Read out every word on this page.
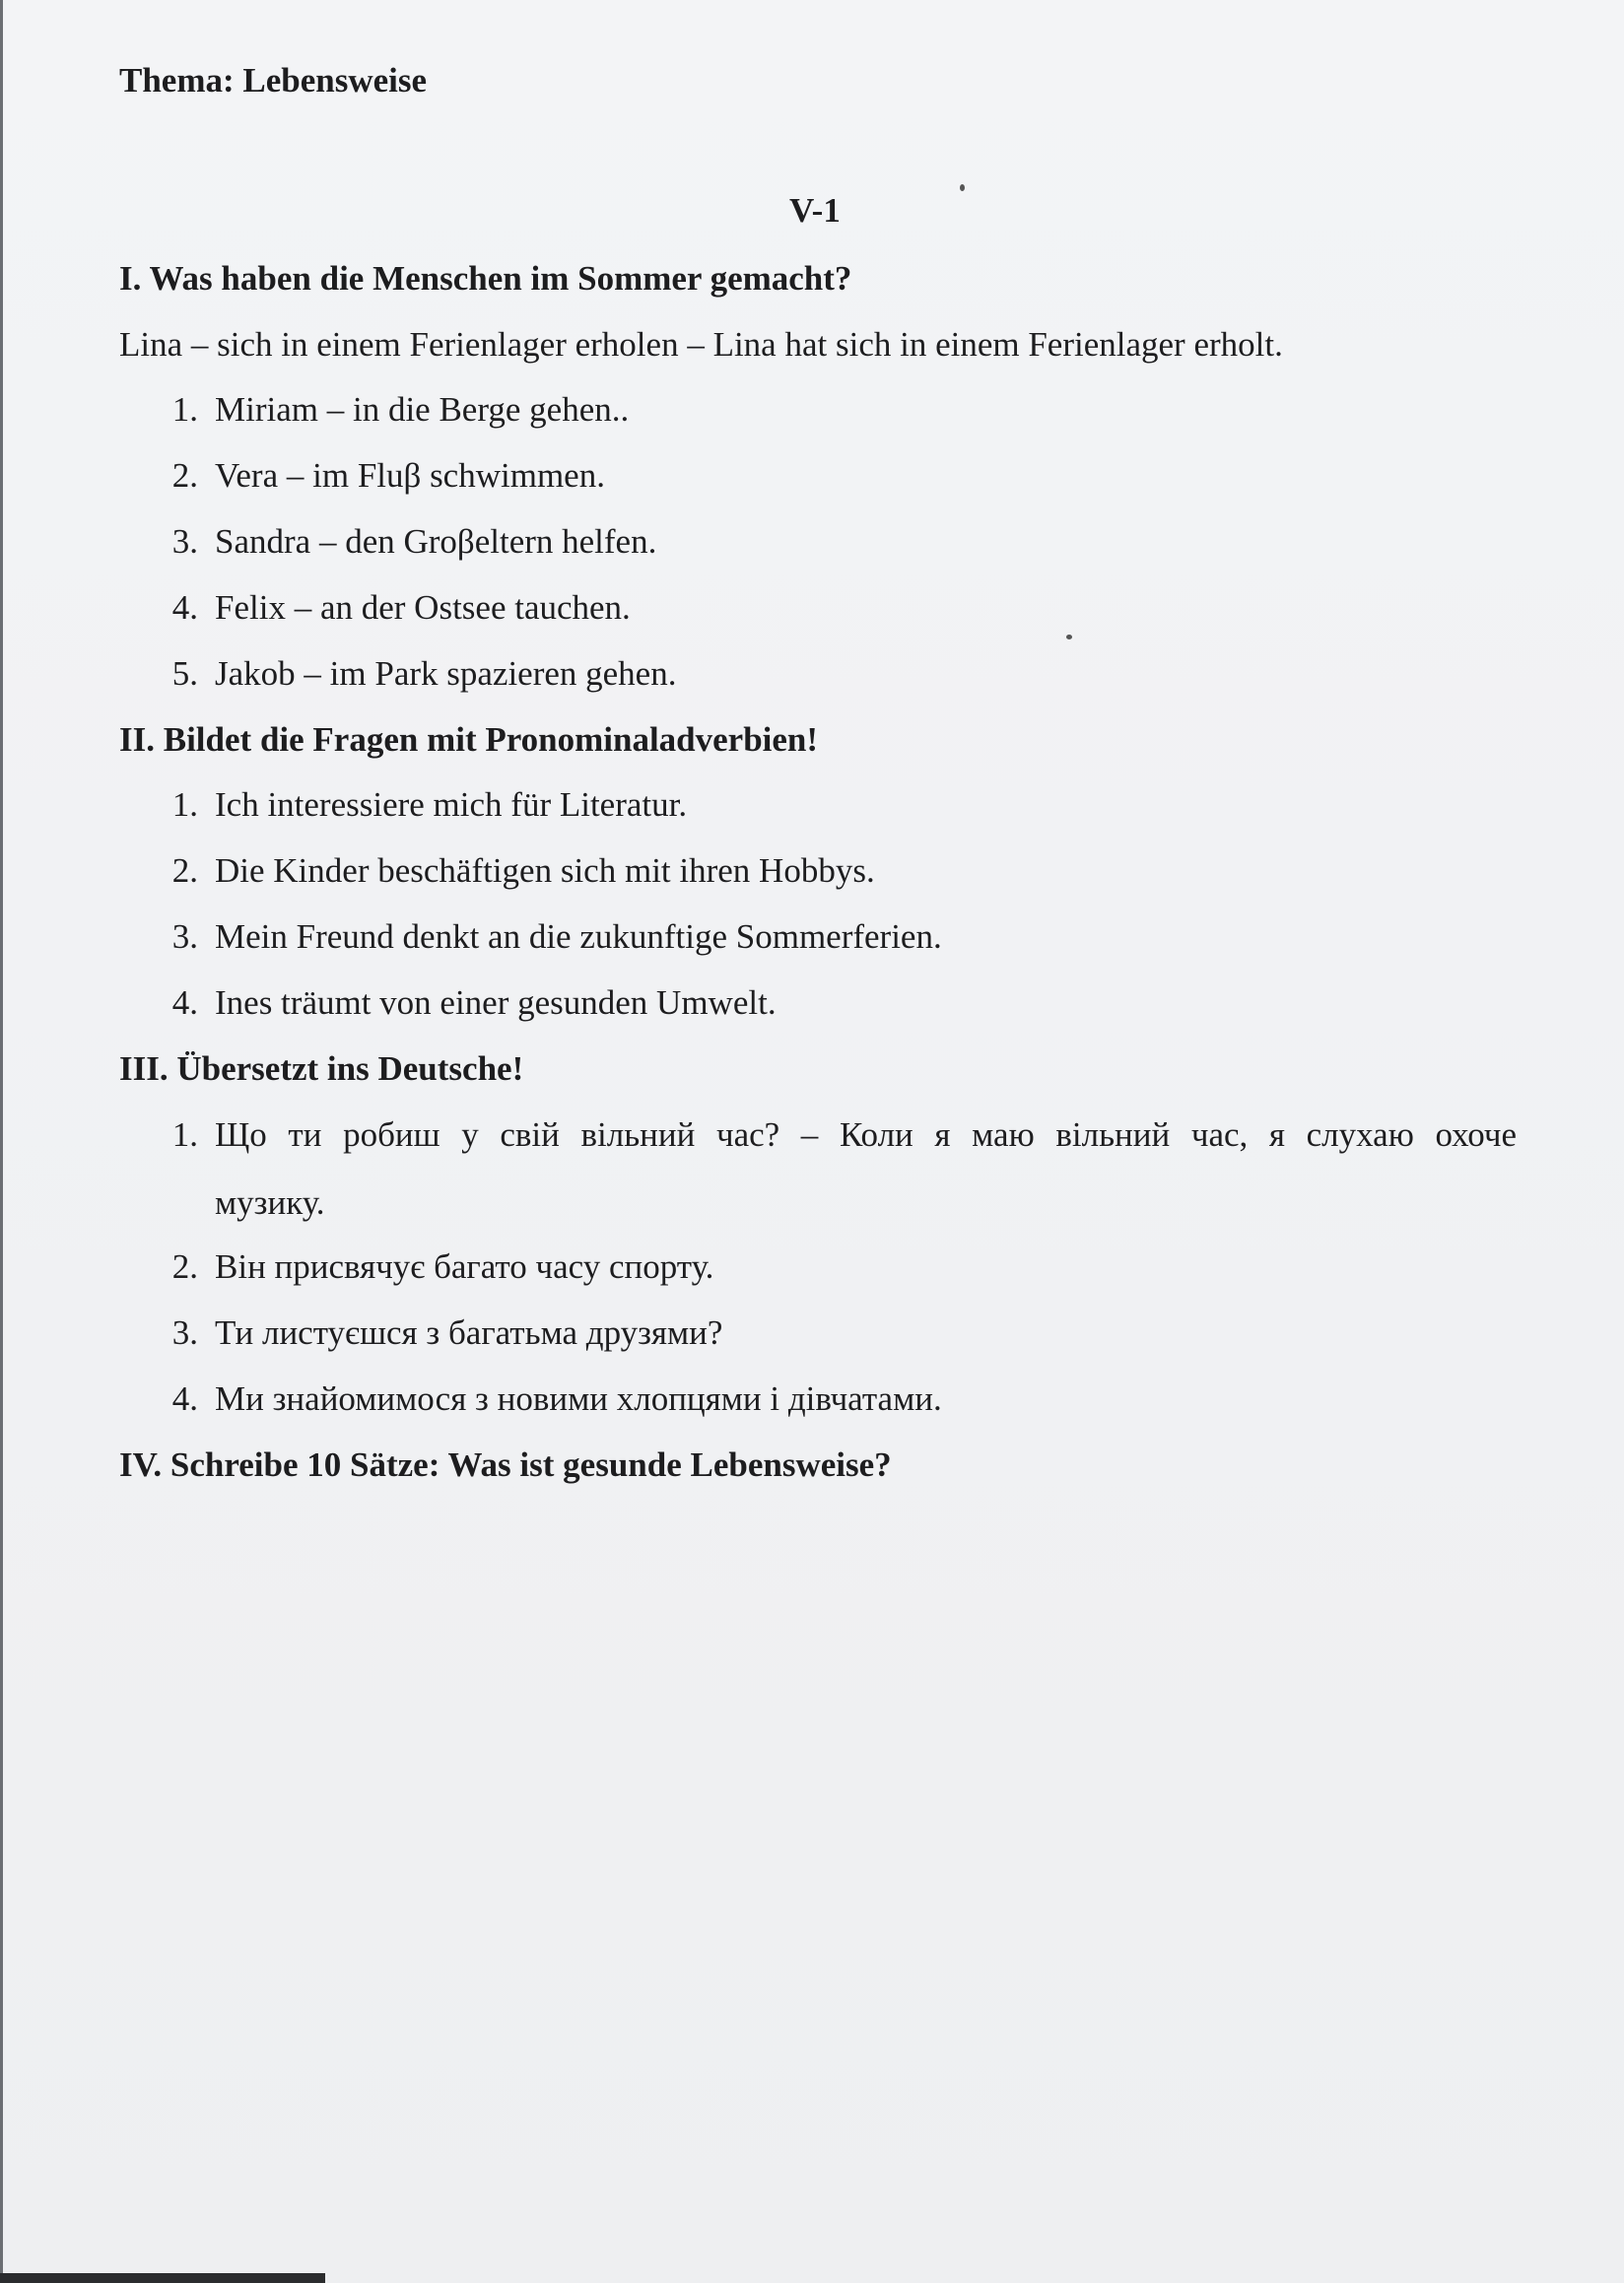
Thema: Lebensweise
V-1
I. Was haben die Menschen im Sommer gemacht?
Lina – sich in einem Ferienlager erholen – Lina hat sich in einem Ferienlager erholt.
1. Miriam – in die Berge gehen..
2. Vera – im Fluβ schwimmen.
3. Sandra – den Groβeltern helfen.
4. Felix – an der Ostsee tauchen.
5. Jakob – im Park spazieren gehen.
II. Bildet die Fragen mit Pronominaladverbien!
1. Ich interessiere mich für Literatur.
2. Die Kinder beschäftigen sich mit ihren Hobbys.
3. Mein Freund denkt an die zukunftige Sommerferien.
4. Ines träumt von einer gesunden Umwelt.
III. Übersetzt ins Deutsche!
1. Що ти робиш у свій вільний час? – Коли я маю вільний час, я слухаю охоче
музику.
2. Він присвячує багато часу спорту.
3. Ти листуєшся з багатьма друзями?
4. Ми знайомимося з новими хлопцями і дівчатами.
IV. Schreibe 10 Sätze: Was ist gesunde Lebensweise?
